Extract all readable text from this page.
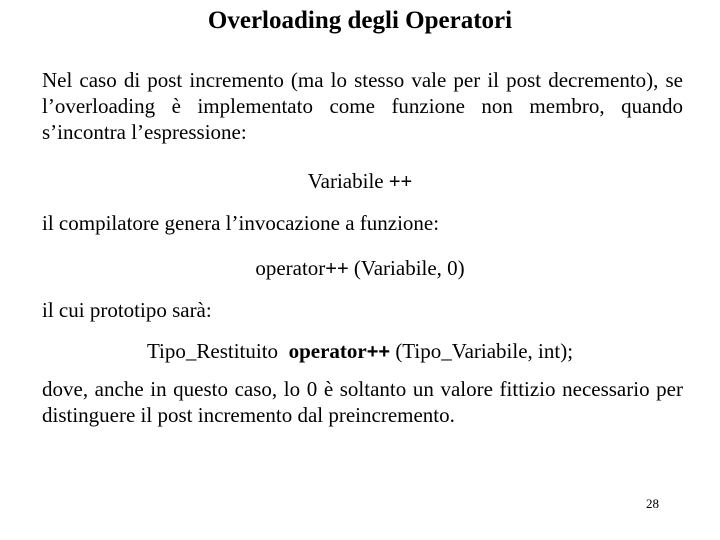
Overloading degli Operatori
Nel caso di post incremento (ma lo stesso vale per il post decremento), se l’overloading è implementato come funzione non membro, quando s’incontra l’espressione:
Variabile ++
il compilatore genera l’invocazione a funzione:
operator++ (Variabile, 0)
il cui prototipo sarà:
Tipo_Restituito operator++ (Tipo_Variabile, int);
dove, anche in questo caso, lo 0 è soltanto un valore fittizio necessario per distinguere il post incremento dal preincremento.
28
